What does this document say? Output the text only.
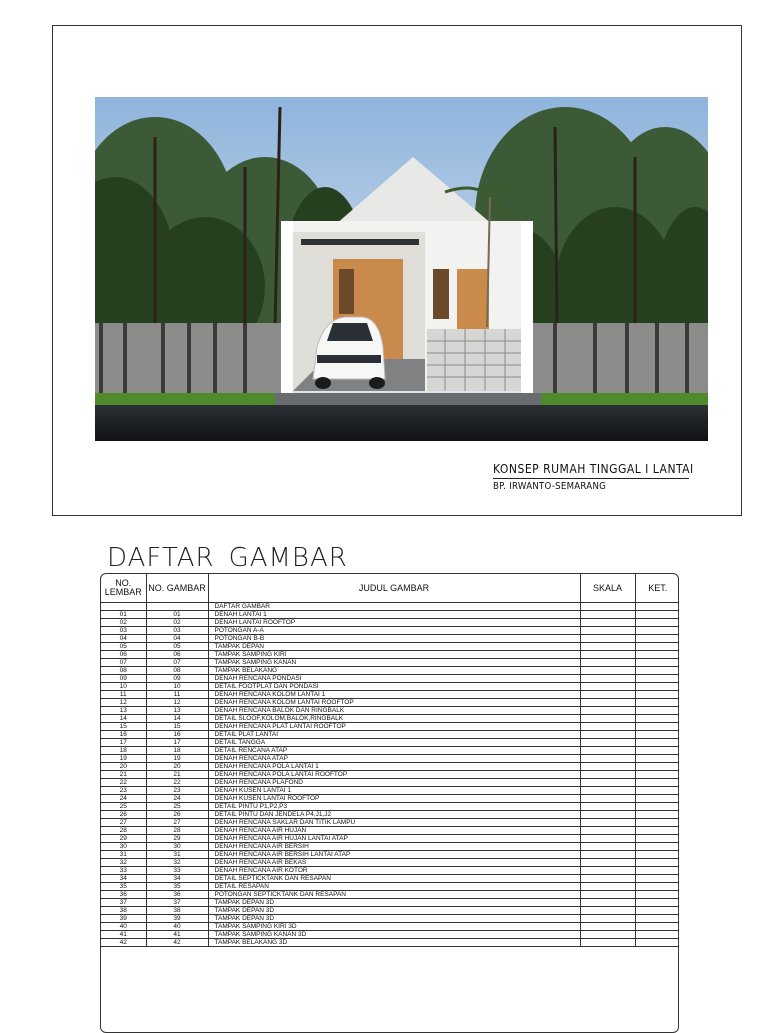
KONSEP RUMAH TINGGAL I LANTAI
BP. IRWANTO-SEMARANG
DAFTAR GAMBAR
NO. LEMBAR	NO. GAMBAR	JUDUL GAMBAR	SKALA	KET.
		DAFTAR GAMBAR		
01	01	DENAH LANTAI 1		
02	02	DENAH LANTAI ROOFTOP		
03	03	POTONGAN A-A		
04	04	POTONGAN B-B		
05	05	TAMPAK DEPAN		
06	06	TAMPAK SAMPING KIRI		
07	07	TAMPAK SAMPING KANAN		
08	08	TAMPAK BELAKANG		
09	09	DENAH RENCANA PONDASI		
10	10	DETAIL FOOTPLAT DAN PONDASI		
11	11	DENAH RENCANA KOLOM LANTAI 1		
12	12	DENAH RENCANA KOLOM LANTAI ROOFTOP		
13	13	DENAH RENCANA BALOK DAN RINGBALK		
14	14	DETAIL SLOOF,KOLOM,BALOK,RINGBALK		
15	15	DENAH RENCANA PLAT LANTAI ROOFTOP		
16	16	DETAIL PLAT LANTAI		
17	17	DETAIL TANGGA		
18	18	DETAIL RENCANA ATAP		
19	19	DENAH RENCANA ATAP		
20	20	DENAH RENCANA POLA LANTAI 1		
21	21	DENAH RENCANA POLA LANTAI ROOFTOP		
22	22	DENAH RENCANA PLAFOND		
23	23	DENAH KUSEN LANTAI 1		
24	24	DENAH KUSEN LANTAI ROOFTOP		
25	25	DETAIL PINTU P1,P2,P3		
26	26	DETAIL PINTU DAN JENDELA P4,J1,J2		
27	27	DENAH RENCANA SAKLAR DAN TITIK LAMPU		
28	28	DENAH RENCANA AIR HUJAN		
29	29	DENAH RENCANA AIR HUJAN LANTAI ATAP		
30	30	DENAH RENCANA AIR BERSIH		
31	31	DENAH RENCANA AIR BERSIH LANTAI ATAP		
32	32	DENAH RENCANA AIR BEKAS		
33	33	DENAH RENCANA AIR KOTOR		
34	34	DETAIL SEPTICKTANK DAN RESAPAN		
35	35	DETAIL RESAPAN		
36	36	POTONGAN SEPTICKTANK DAN RESAPAN		
37	37	TAMPAK DEPAN 3D		
38	38	TAMPAK DEPAN 3D		
39	39	TAMPAK DEPAN 3D		
40	40	TAMPAK SAMPING KIRI 3D		
41	41	TAMPAK SAMPING KANAN 3D		
42	42	TAMPAK BELAKANG 3D		
